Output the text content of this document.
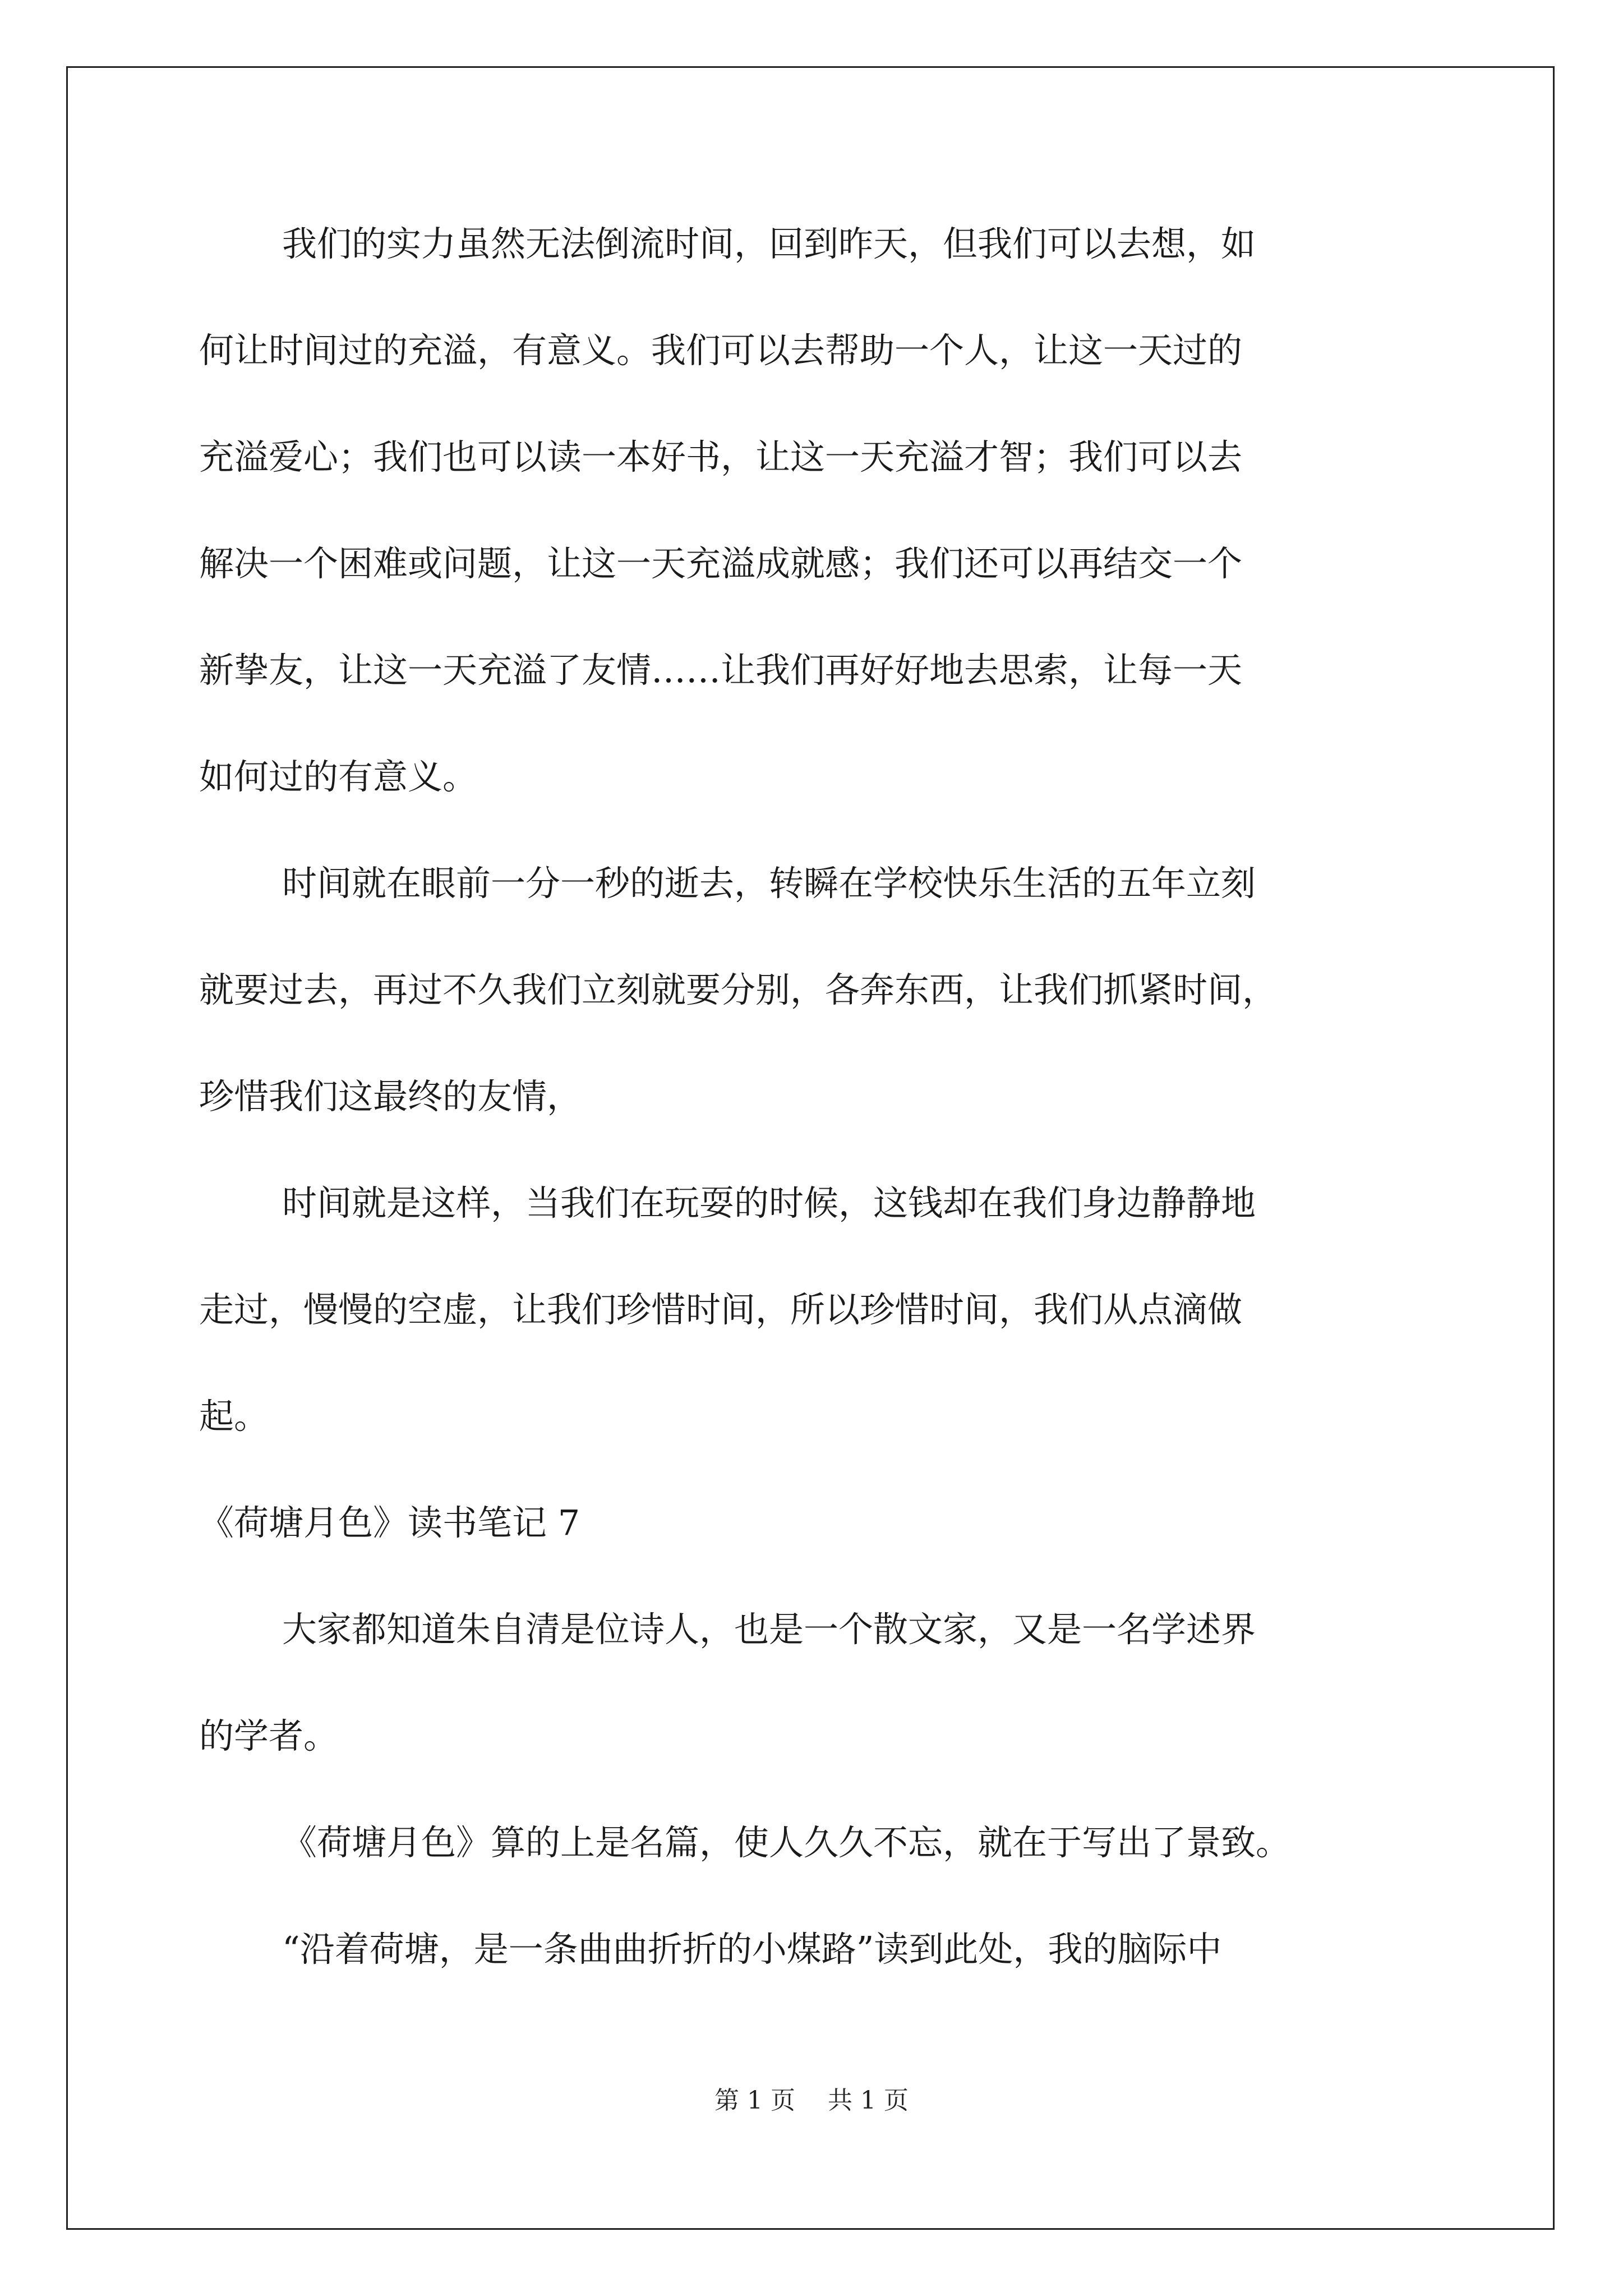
我们的实力虽然无法倒流时间，回到昨天，但我们可以去想，如
何让时间过的充溢，有意义。我们可以去帮助一个人，让这一天过的
充溢爱心；我们也可以读一本好书，让这一天充溢才智；我们可以去
解决一个困难或问题，让这一天充溢成就感；我们还可以再结交一个
新挚友，让这一天充溢了友情……让我们再好好地去思索，让每一天
如何过的有意义。
时间就在眼前一分一秒的逝去，转瞬在学校快乐生活的五年立刻
就要过去，再过不久我们立刻就要分别，各奔东西，让我们抓紧时间，
珍惜我们这最终的友情，
时间就是这样，当我们在玩耍的时候，这钱却在我们身边静静地
走过，慢慢的空虚，让我们珍惜时间，所以珍惜时间，我们从点滴做
起。
《荷塘月色》读书笔记 7
大家都知道朱自清是位诗人，也是一个散文家，又是一名学述界
的学者。
《荷塘月色》算的上是名篇，使人久久不忘，就在于写出了景致。
“沿着荷塘，是一条曲曲折折的小煤路”读到此处，我的脑际中
第 1 页 共 1 页
